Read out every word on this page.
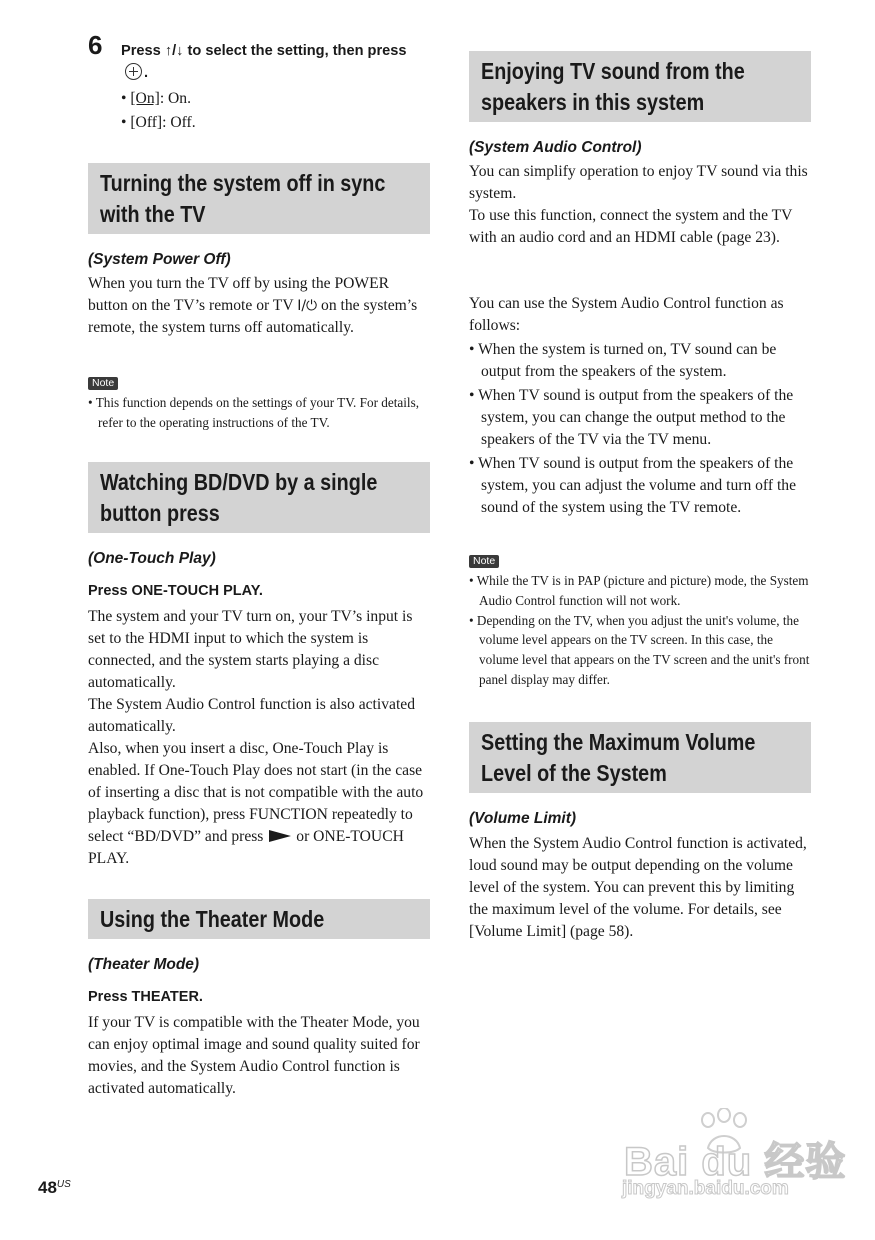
6 Press ↑/↓ to select the setting, then press.
• [On]: On.
• [Off]: Off.

Turning the system off in sync

with the TV

(System Power Off)

When you turn the TV off by using the POWER button on the TV’s remote or TV I/⏻ on the system’s remote, the system turns off automatically.

Note
• This function depends on the settings of your TV. For details, refer to the operating instructions of the TV.

Watching BD/DVD by a single

button press

(One-Touch Play)
Press ONE-TOUCH PLAY.

The system and your TV turn on, your TV’s input is set to the HDMI input to which the system is connected, and the system starts playing a disc automatically.

The System Audio Control function is also activated automatically.

Also, when you insert a disc, One-Touch Play is enabled. If One-Touch Play does not start (in the case of inserting a disc that is not compatible with the auto playback function), press FUNCTION repeatedly to select “BD/DVD” and press or ONE-TOUCH PLAY.

Using the Theater Mode

(Theater Mode)
Press THEATER.

If your TV is compatible with the Theater Mode, you can enjoy optimal image and sound quality suited for movies, and the System Audio Control function is activated automatically.

Enjoying TV sound from the

speakers in this system

(System Audio Control)

You can simplify operation to enjoy TV sound via this system.

To use this function, connect the system and the TV with an audio cord and an HDMI cable (page 23).

You can use the System Audio Control function as follows:

• When the system is turned on, TV sound can be output from the speakers of the system.
• When TV sound is output from the speakers of the system, you can change the output method to the speakers of the TV via the TV menu.
• When TV sound is output from the speakers of the system, you can adjust the volume and turn off the sound of the system using the TV remote.
Note
• While the TV is in PAP (picture and picture) mode, the System Audio Control function will not work.
• Depending on the TV, when you adjust the unit's volume, the volume level appears on the TV screen. In this case, the volume level that appears on the TV screen and the unit's front panel display may differ.

Setting the Maximum Volume

Level of the System

(Volume Limit)

When the System Audio Control function is activated, loud sound may be output depending on the volume level of the system. You can prevent this by limiting the maximum level of the volume. For details, see [Volume Limit] (page 58).

$48^{US}$
Bai du 经验
jingyan.baidu.com
